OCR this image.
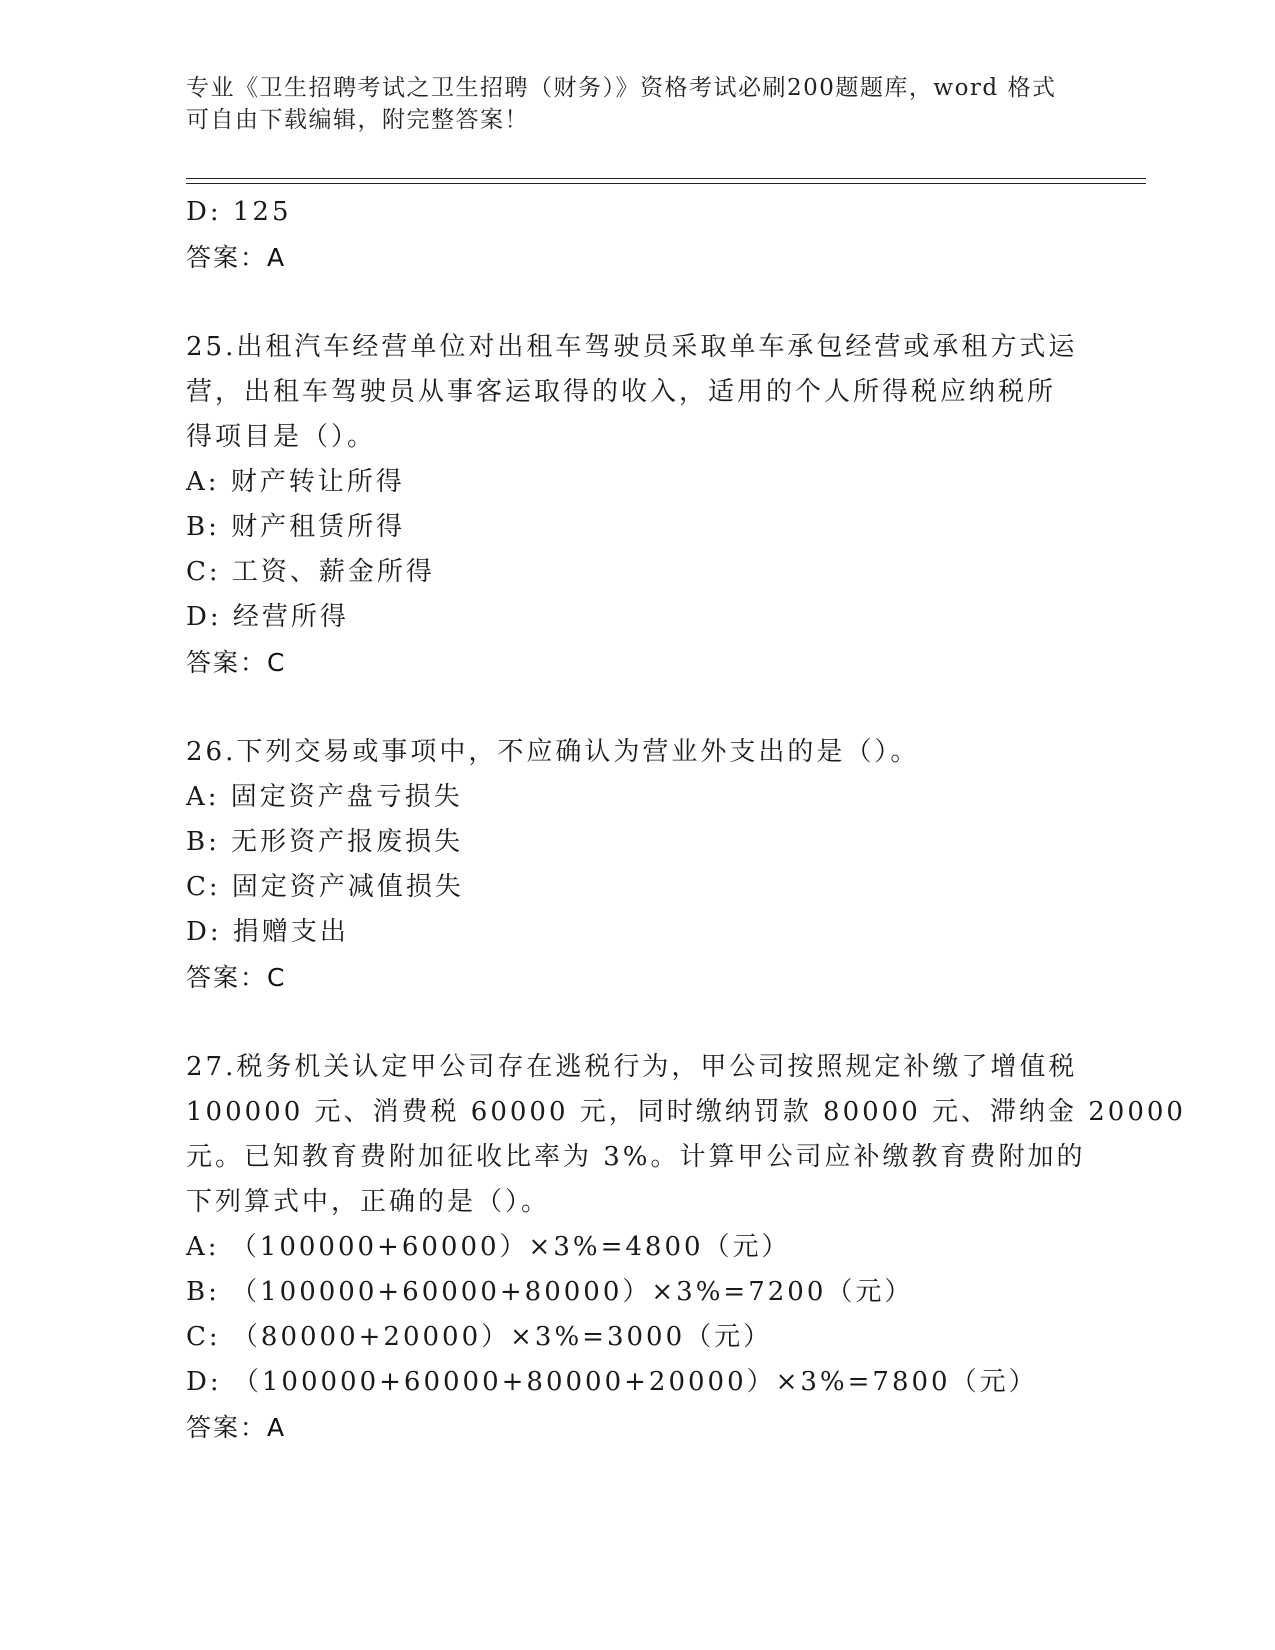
专业《卫生招聘考试之卫生招聘（财务）》资格考试必刷200题题库，word 格式
可自由下载编辑，附完整答案！
D: 125
答案：A
25.出租汽车经营单位对出租车驾驶员采取单车承包经营或承租方式运
营，出租车驾驶员从事客运取得的收入，适用的个人所得税应纳税所
得项目是（）。
A: 财产转让所得
B: 财产租赁所得
C: 工资、薪金所得
D: 经营所得
答案：C
26.下列交易或事项中，不应确认为营业外支出的是（）。
A: 固定资产盘亏损失
B: 无形资产报废损失
C: 固定资产减值损失
D: 捐赠支出
答案：C
27.税务机关认定甲公司存在逃税行为，甲公司按照规定补缴了增值税
100000 元、消费税 60000 元，同时缴纳罚款 80000 元、滞纳金 20000
元。已知教育费附加征收比率为 3%。计算甲公司应补缴教育费附加的
下列算式中，正确的是（）。
A: （100000+60000）×3%=4800（元）
B: （100000+60000+80000）×3%=7200（元）
C: （80000+20000）×3%=3000（元）
D: （100000+60000+80000+20000）×3%=7800（元）
答案：A
